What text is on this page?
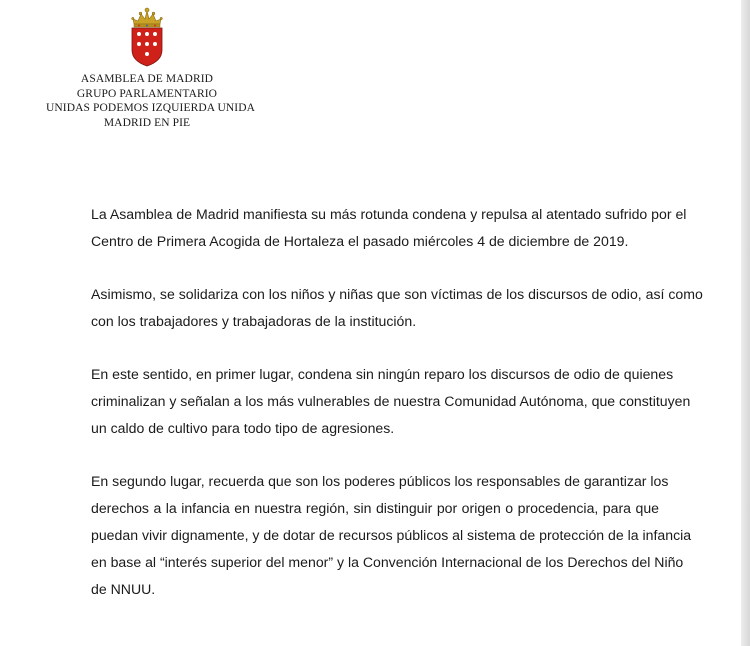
ASAMBLEA DE MADRID
GRUPO PARLAMENTARIO
UNIDAS PODEMOS IZQUIERDA UNIDA
MADRID EN PIE
La Asamblea de Madrid manifiesta su más rotunda condena y repulsa al atentado sufrido por el
Centro de Primera Acogida de Hortaleza el pasado miércoles 4 de diciembre de 2019.
Asimismo, se solidariza con los niños y niñas que son víctimas de los discursos de odio, así como
con los trabajadores y trabajadoras de la institución.
En este sentido, en primer lugar, condena sin ningún reparo los discursos de odio de quienes
criminalizan y señalan a los más vulnerables de nuestra Comunidad Autónoma, que constituyen
un caldo de cultivo para todo tipo de agresiones.
En segundo lugar, recuerda que son los poderes públicos los responsables de garantizar los
derechos a la infancia en nuestra región, sin distinguir por origen o procedencia, para que
puedan vivir dignamente, y de dotar de recursos públicos al sistema de protección de la infancia
en base al “interés superior del menor” y la Convención Internacional de los Derechos del Niño
de NNUU.
